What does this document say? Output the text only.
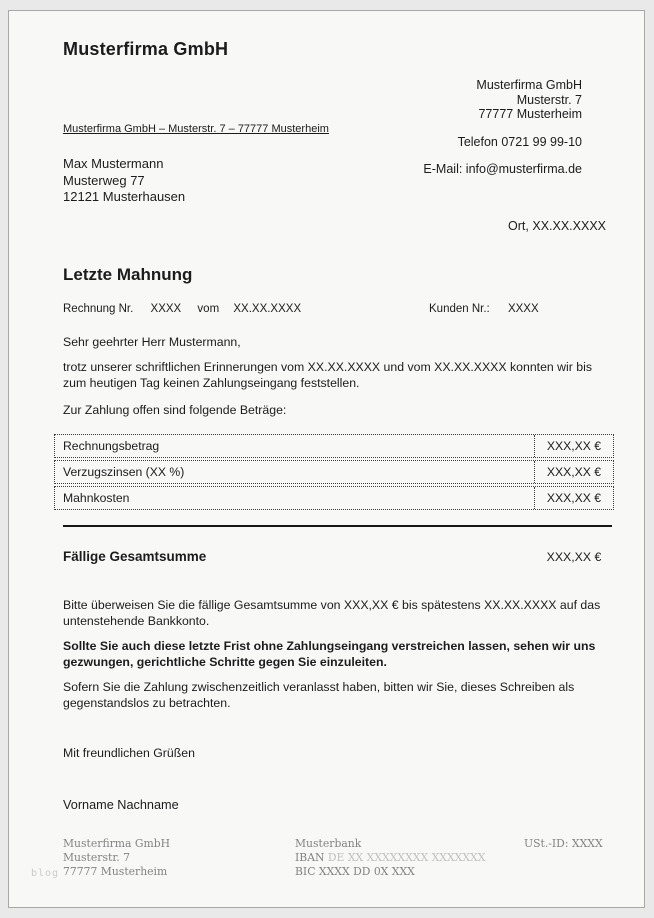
Musterfirma GmbH
Musterfirma GmbH
Musterstr. 7
77777 Musterheim
Telefon 0721 99 99-10
E-Mail: info@musterfirma.de
Musterfirma GmbH – Musterstr. 7 – 77777 Musterheim
Max Mustermann
Musterweg 77
12121 Musterhausen
Ort, XX.XX.XXXX
Letzte Mahnung
Rechnung Nr. XXXX vom XX.XX.XXXX	Kunden Nr.: XXXX
Sehr geehrter Herr Mustermann,
trotz unserer schriftlichen Erinnerungen vom XX.XX.XXXX und vom XX.XX.XXXX konnten wir bis zum heutigen Tag keinen Zahlungseingang feststellen.
Zur Zahlung offen sind folgende Beträge:
Rechnungsbetrag	XXX,XX €
Verzugszinsen (XX %)	XXX,XX €
Mahnkosten	XXX,XX €
Fällige Gesamtsumme	XXX,XX €
Bitte überweisen Sie die fällige Gesamtsumme von XXX,XX € bis spätestens XX.XX.XXXX auf das untenstehende Bankkonto.
Sollte Sie auch diese letzte Frist ohne Zahlungseingang verstreichen lassen, sehen wir uns gezwungen, gerichtliche Schritte gegen Sie einzuleiten.
Sofern Sie die Zahlung zwischenzeitlich veranlasst haben, bitten wir Sie, dieses Schreiben als gegenstandslos zu betrachten.
Mit freundlichen Grüßen
Vorname Nachname
Musterfirma GmbH
Musterstr. 7
77777 Musterheim
Musterbank
IBAN DE XX XXXXXXXX XXXXXXX
BIC XXXX DD 0X XXX
USt.-ID: XXXX
blog
